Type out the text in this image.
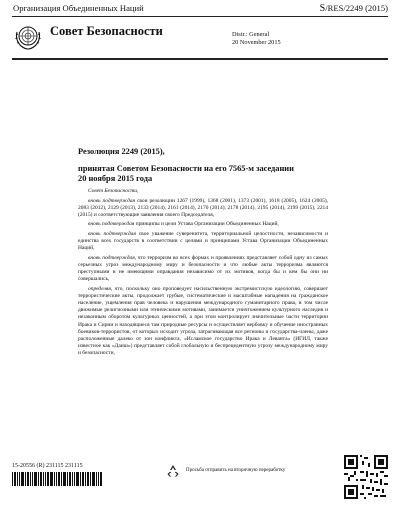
Организация Объединенных Наций	S/RES/2249 (2015)
Совет Безопасности	Distr.: General
20 November 2015
Резолюция 2249 (2015),
принятая Советом Безопасности на его 7565-м заседании
20 ноября 2015 года

Совет Безопасности,

вновь подтверждая свои резолюции 1267 (1999), 1368 (2001), 1373 (2001), 1618 (2005), 1624 (2005), 2083 (2012), 2129 (2013), 2133 (2014), 2161 (2014), 2170 (2014), 2178 (2014), 2195 (2014), 2199 (2015), 2214 (2015) и соответствующие заявления своего Председателя,

вновь подтверждая принципы и цели Устава Организации Объединенных Наций,

вновь подтверждая свое уважение суверенитета, территориальной целостности, независимости и единства всех государств в соответствии с целями и принципами Устава Организации Объединенных Наций,

вновь подтверждая, что терроризм во всех формах и проявлениях представляет собой одну из самых серьезных угроз международному миру и безопасности и что любые акты терроризма являются преступными и не имеющими оправдания независимо от их мотивов, когда бы и кем бы они ни совершались,

определяя, что, поскольку оно проповедует насильственную экстремистскую идеологию, совершает террористические акты, продолжает грубые, систематические и масштабные нападения на гражданское население, ущемления прав человека и нарушения международного гуманитарного права, в том числе движимые религиозными или этническими мотивами, занимается уничтожением культурного наследия и незаконным оборотом культурных ценностей, а при этом контролирует значительные части территории Ирака и Сирии и находящиеся там природные ресурсы и осуществляет вербовку и обучение иностранных боевиков-террористов, от которых исходит угроза, затрагивающая все регионы и государства-члены, даже расположенные далеко от зон конфликта, «Исламское государство Ирака и Леванта» (ИГИЛ, также известное как «Даиш») представляет собой глобальную и беспрецедентную угрозу международному миру и безопасности,

15-20556 (R) 231115 231115
Просьба отправить на вторичную переработку
